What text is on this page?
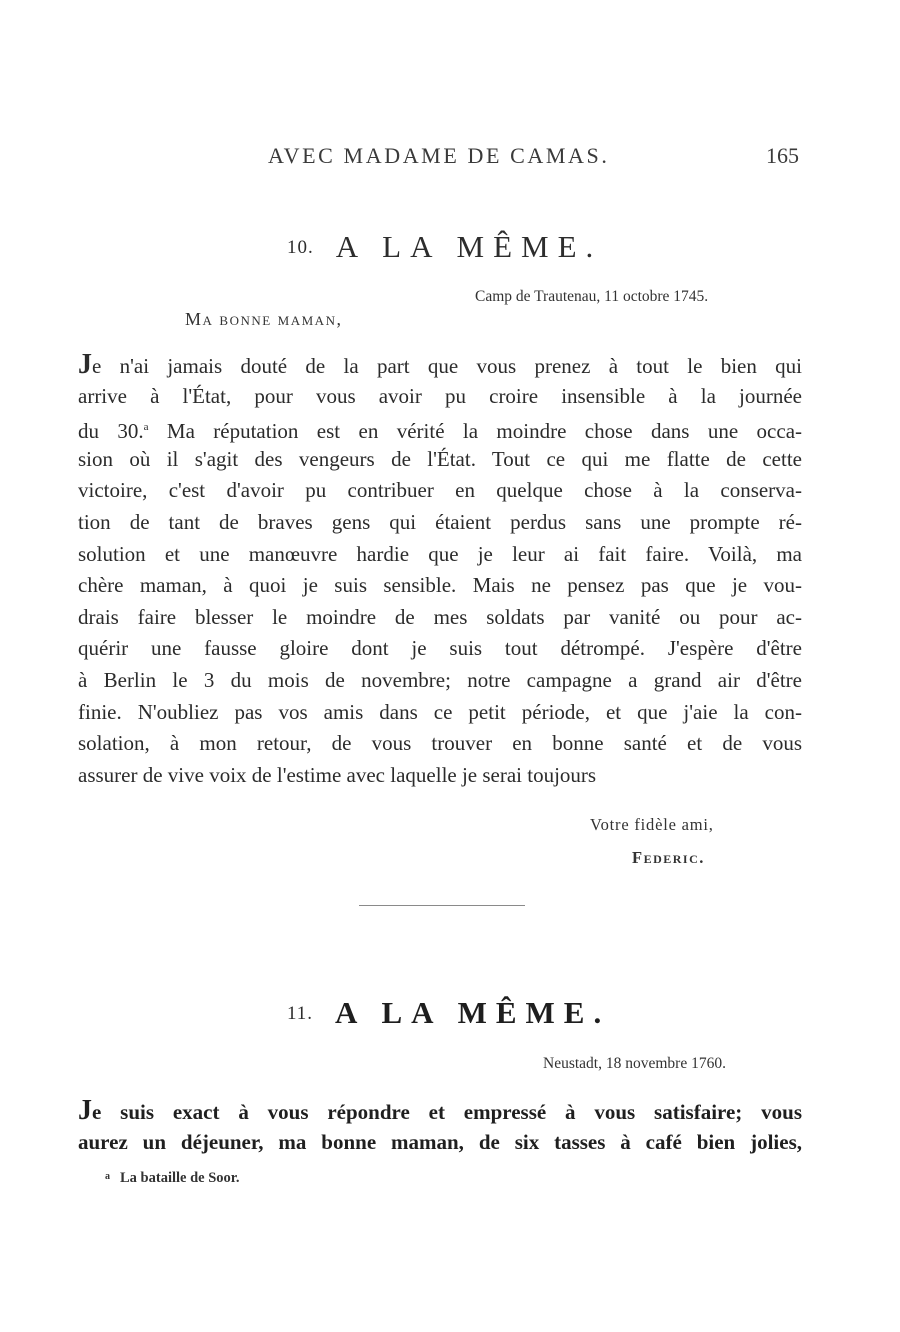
AVEC MADAME DE CAMAS.	165
10. A LA MÊME.
Camp de Trautenau, 11 octobre 1745.
Ma bonne maman,
Je n'ai jamais douté de la part que vous prenez à tout le bien qui
arrive à l'État, pour vous avoir pu croire insensible à la journée
du 30.$^a$ Ma réputation est en vérité la moindre chose dans une occa-
sion où il s'agit des vengeurs de l'État. Tout ce qui me flatte de cette
victoire, c'est d'avoir pu contribuer en quelque chose à la conserva-
tion de tant de braves gens qui étaient perdus sans une prompte ré-
solution et une manœuvre hardie que je leur ai fait faire. Voilà, ma
chère maman, à quoi je suis sensible. Mais ne pensez pas que je vou-
drais faire blesser le moindre de mes soldats par vanité ou pour ac-
quérir une fausse gloire dont je suis tout détrompé. J'espère d'être
à Berlin le 3 du mois de novembre; notre campagne a grand air d'être
finie. N'oubliez pas vos amis dans ce petit période, et que j'aie la con-
solation, à mon retour, de vous trouver en bonne santé et de vous
assurer de vive voix de l'estime avec laquelle je serai toujours
Votre fidèle ami,
Federic.
11. A LA MÊME.
Neustadt, 18 novembre 1760.
Je suis exact à vous répondre et empressé à vous satisfaire; vous
aurez un déjeuner, ma bonne maman, de six tasses à café bien jolies,
$^a$ La bataille de Soor.
